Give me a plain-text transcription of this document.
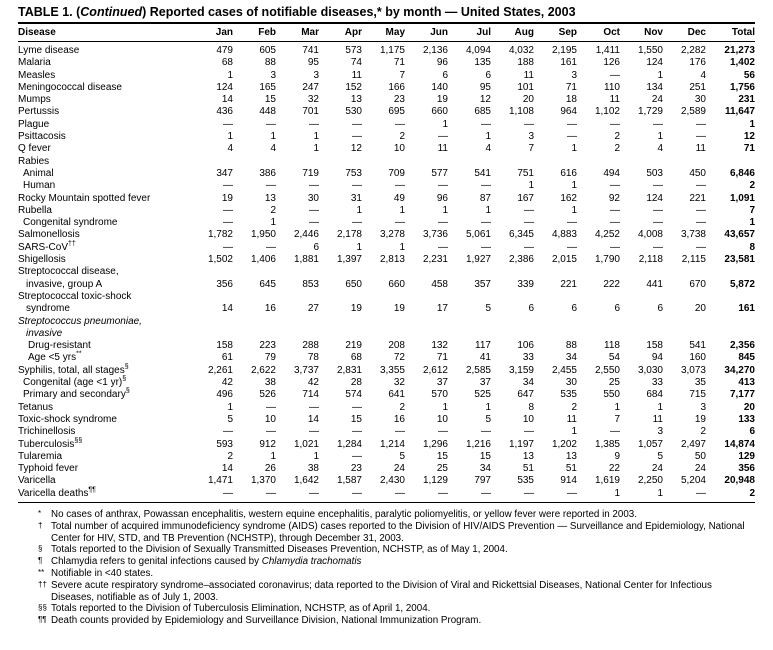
TABLE 1. (Continued) Reported cases of notifiable diseases,* by month — United States, 2003
Disease	Jan	Feb	Mar	Apr	May	Jun	Jul	Aug	Sep	Oct	Nov	Dec	Total
Lyme disease	479	605	741	573	1,175	2,136	4,094	4,032	2,195	1,411	1,550	2,282	21,273
Malaria	68	88	95	74	71	96	135	188	161	126	124	176	1,402
Measles	1	3	3	11	7	6	6	11	3	—	1	4	56
Meningococcal disease	124	165	247	152	166	140	95	101	71	110	134	251	1,756
Mumps	14	15	32	13	23	19	12	20	18	11	24	30	231
Pertussis	436	448	701	530	695	660	685	1,108	964	1,102	1,729	2,589	11,647
Plague	—	—	—	—	—	1	—	—	—	—	—	—	1
Psittacosis	1	1	1	—	2	—	1	3	—	2	1	—	12
Q fever	4	4	1	12	10	11	4	7	1	2	4	11	71
Rabies													
Animal	347	386	719	753	709	577	541	751	616	494	503	450	6,846
Human	—	—	—	—	—	—	—	1	1	—	—	—	2
Rocky Mountain spotted fever	19	13	30	31	49	96	87	167	162	92	124	221	1,091
Rubella	—	2	—	1	1	1	1	—	1	—	—	—	7
Congenital syndrome	—	1	—	—	—	—	—	—	—	—	—	—	1
Salmonellosis	1,782	1,950	2,446	2,178	3,278	3,736	5,061	6,345	4,883	4,252	4,008	3,738	43,657
SARS-CoV††	—	—	6	1	1	—	—	—	—	—	—	—	8
Shigellosis	1,502	1,406	1,881	1,397	2,813	2,231	1,927	2,386	2,015	1,790	2,118	2,115	23,581
Streptococcal disease,
invasive, group A	356	645	853	650	660	458	357	339	221	222	441	670	5,872
Streptococcal toxic-shock
syndrome	14	16	27	19	19	17	5	6	6	6	6	20	161
Streptococcus pneumoniae,
invasive													
Drug-resistant	158	223	288	219	208	132	117	106	88	118	158	541	2,356
Age <5 yrs**	61	79	78	68	72	71	41	33	34	54	94	160	845
Syphilis, total, all stages§	2,261	2,622	3,737	2,831	3,355	2,612	2,585	3,159	2,455	2,550	3,030	3,073	34,270
Congenital (age <1 yr)§	42	38	42	28	32	37	37	34	30	25	33	35	413
Primary and secondary§	496	526	714	574	641	570	525	647	535	550	684	715	7,177
Tetanus	1	—	—	—	2	1	1	8	2	1	1	3	20
Toxic-shock syndrome	5	10	14	15	16	10	5	10	11	7	11	19	133
Trichinellosis	—	—	—	—	—	—	—	—	1	—	3	2	6
Tuberculosis§§	593	912	1,021	1,284	1,214	1,296	1,216	1,197	1,202	1,385	1,057	2,497	14,874
Tularemia	2	1	1	—	5	15	15	13	13	9	5	50	129
Typhoid fever	14	26	38	23	24	25	34	51	51	22	24	24	356
Varicella	1,471	1,370	1,642	1,587	2,430	1,129	797	535	914	1,619	2,250	5,204	20,948
Varicella deaths¶¶	—	—	—	—	—	—	—	—	—	1	1	—	2
*	No cases of anthrax, Powassan encephalitis, western equine encephalitis, paralytic poliomyelitis, or yellow fever were reported in 2003.
† Total number of acquired immunodeficiency syndrome (AIDS) cases reported to the Division of HIV/AIDS Prevention — Surveillance and Epidemiology, National Center for HIV, STD, and TB Prevention (NCHSTP), through December 31, 2003.
§ Totals reported to the Division of Sexually Transmitted Diseases Prevention, NCHSTP, as of May 1, 2004.
¶ Chlamydia refers to genital infections caused by Chlamydia trachomatis
** Notifiable in <40 states.
†† Severe acute respiratory syndrome–associated coronavirus; data reported to the Division of Viral and Rickettsial Diseases, National Center for Infectious Diseases, notifiable as of July 1, 2003.
§§ Totals reported to the Division of Tuberculosis Elimination, NCHSTP, as of April 1, 2004.
¶¶ Death counts provided by Epidemiology and Surveillance Division, National Immunization Program.
